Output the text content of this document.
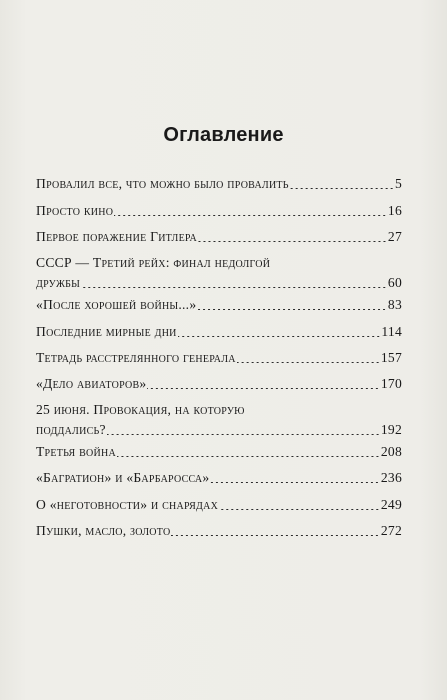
Оглавление
Провалил все, что можно было провалить	5
Просто кино	16
Первое поражение Гитлера	27
СССР — Третий рейх: финал недолгой
дружбы	60
«После хорошей войны...»	83
Последние мирные дни	114
Тетрадь расстрелянного генерала	157
«Дело авиаторов»	170
25 июня. Провокация, на которую
поддались?	192
Третья война	208
«Багратион» и «Барбаросса»	236
О «неготовности» и снарядах	249
Пушки, масло, золото	272
